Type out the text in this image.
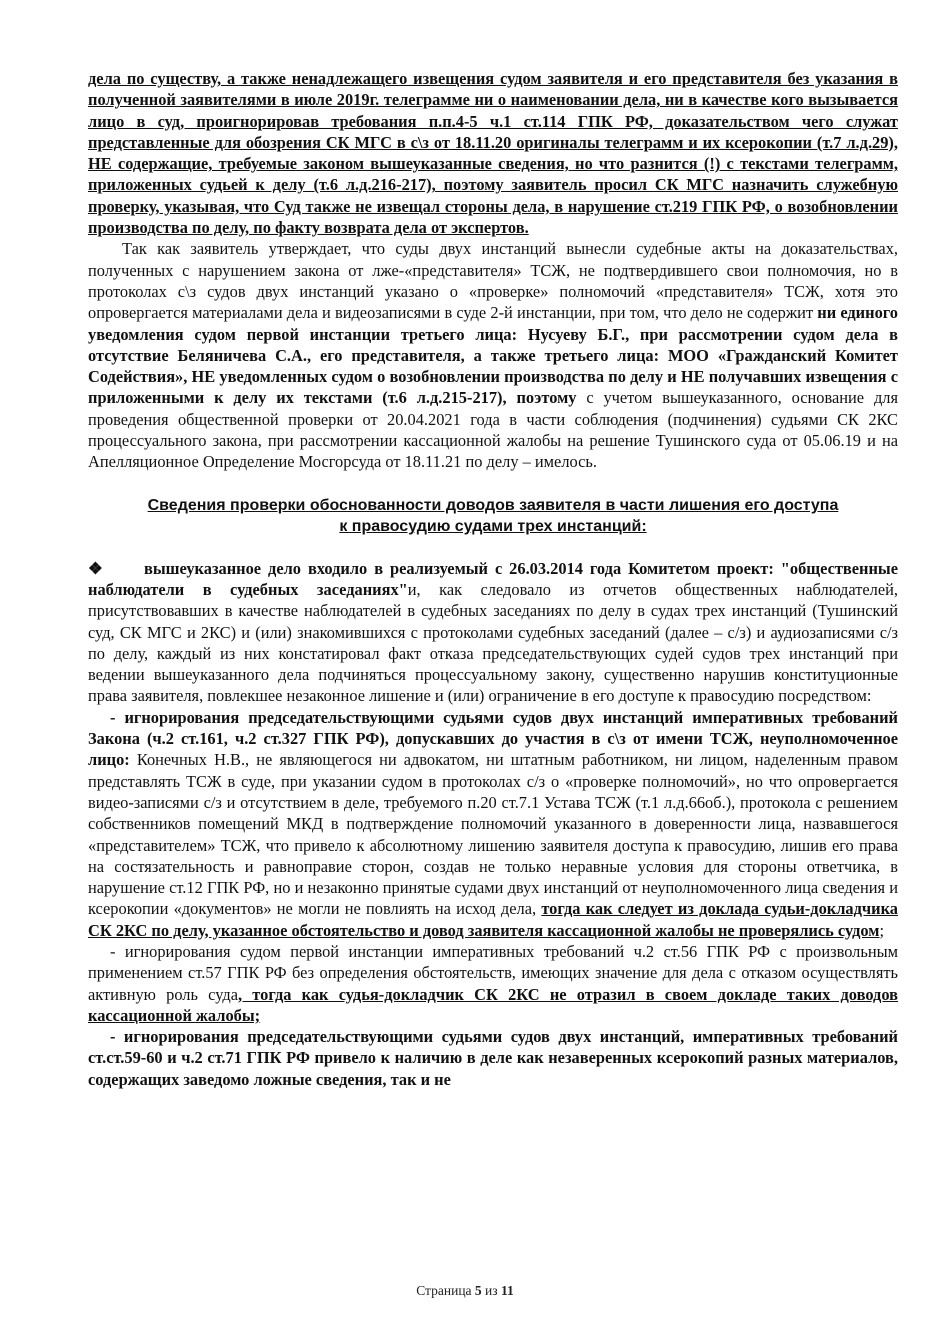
дела по существу, а также ненадлежащего извещения судом заявителя и его представителя без указания в полученной заявителями в июле 2019г. телеграмме ни о наименовании дела, ни в качестве кого вызывается лицо в суд, проигнорировав требования п.п.4-5 ч.1 ст.114 ГПК РФ, доказательством чего служат представленные для обозрения СК МГС в с\з от 18.11.20 оригиналы телеграмм и их ксерокопии (т.7 л.д.29), НЕ содержащие, требуемые законом вышеуказанные сведения, но что разнится (!) с текстами телеграмм, приложенных судьей к делу (т.6 л.д.216-217), поэтому заявитель просил СК МГС назначить служебную проверку, указывая, что Суд также не извещал стороны дела, в нарушение ст.219 ГПК РФ, о возобновлении производства по делу, по факту возврата дела от экспертов.

Так как заявитель утверждает, что суды двух инстанций вынесли судебные акты на доказательствах, полученных с нарушением закона от лже-«представителя» ТСЖ, не подтвердившего свои полномочия, но в протоколах с\з судов двух инстанций указано о «проверке» полномочий «представителя» ТСЖ, хотя это опровергается материалами дела и видеозаписями в суде 2-й инстанции, при том, что дело не содержит ни единого уведомления судом первой инстанции третьего лица: Нусуеву Б.Г., при рассмотрении судом дела в отсутствие Беляничева С.А., его представителя, а также третьего лица: МОО «Гражданский Комитет Содействия», НЕ уведомленных судом о возобновлении производства по делу и НЕ получавших извещения с приложенными к делу их текстами (т.6 л.д.215-217), поэтому с учетом вышеуказанного, основание для проведения общественной проверки от 20.04.2021 года в части соблюдения (подчинения) судьями СК 2КС процессуального закона, при рассмотрении кассационной жалобы на решение Тушинского суда от 05.06.19 и на Апелляционное Определение Мосгорсуда от 18.11.21 по делу – имелось.

Сведения проверки обоснованности доводов заявителя в части лишения его доступа
к правосудию судами трех инстанций:

❖	вышеуказанное дело входило в реализуемый с 26.03.2014 года Комитетом проект: "общественные наблюдатели в судебных заседаниях"и, как следовало из отчетов общественных наблюдателей, присутствовавших в качестве наблюдателей в судебных заседаниях по делу в судах трех инстанций (Тушинский суд, СК МГС и 2КС) и (или) знакомившихся с протоколами судебных заседаний (далее – с/з) и аудиозаписями с/з по делу, каждый из них констатировал факт отказа председательствующих судей судов трех инстанций при ведении вышеуказанного дела подчиняться процессуальному закону, существенно нарушив конституционные права заявителя, повлекшее незаконное лишение и (или) ограничение в его доступе к правосудию посредством:

- игнорирования председательствующими судьями судов двух инстанций императивных требований Закона (ч.2 ст.161, ч.2 ст.327 ГПК РФ), допускавших до участия в с\з от имени ТСЖ, неуполномоченное лицо: Конечных Н.В., не являющегося ни адвокатом, ни штатным работником, ни лицом, наделенным правом представлять ТСЖ в суде, при указании судом в протоколах с/з о «проверке полномочий», но что опровергается видео-записями с/з и отсутствием в деле, требуемого п.20 ст.7.1 Устава ТСЖ (т.1 л.д.66об.), протокола с решением собственников помещений МКД в подтверждение полномочий указанного в доверенности лица, назвавшегося «представителем» ТСЖ, что привело к абсолютному лишению заявителя доступа к правосудию, лишив его права на состязательность и равноправие сторон, создав не только неравные условия для стороны ответчика, в нарушение ст.12 ГПК РФ, но и незаконно принятые судами двух инстанций от неуполномоченного лица сведения и ксерокопии «документов» не могли не повлиять на исход дела, тогда как следует из доклада судьи-докладчика СК 2КС по делу, указанное обстоятельство и довод заявителя кассационной жалобы не проверялись судом;

- игнорирования судом первой инстанции императивных требований ч.2 ст.56 ГПК РФ с произвольным применением ст.57 ГПК РФ без определения обстоятельств, имеющих значение для дела с отказом осуществлять активную роль суда, тогда как судья-докладчик СК 2КС не отразил в своем докладе таких доводов кассационной жалобы;

- игнорирования председательствующими судьями судов двух инстанций, императивных требований ст.ст.59-60 и ч.2 ст.71 ГПК РФ привело к наличию в деле как незаверенных ксерокопий разных материалов, содержащих заведомо ложные сведения, так и не

Страница 5 из 11
